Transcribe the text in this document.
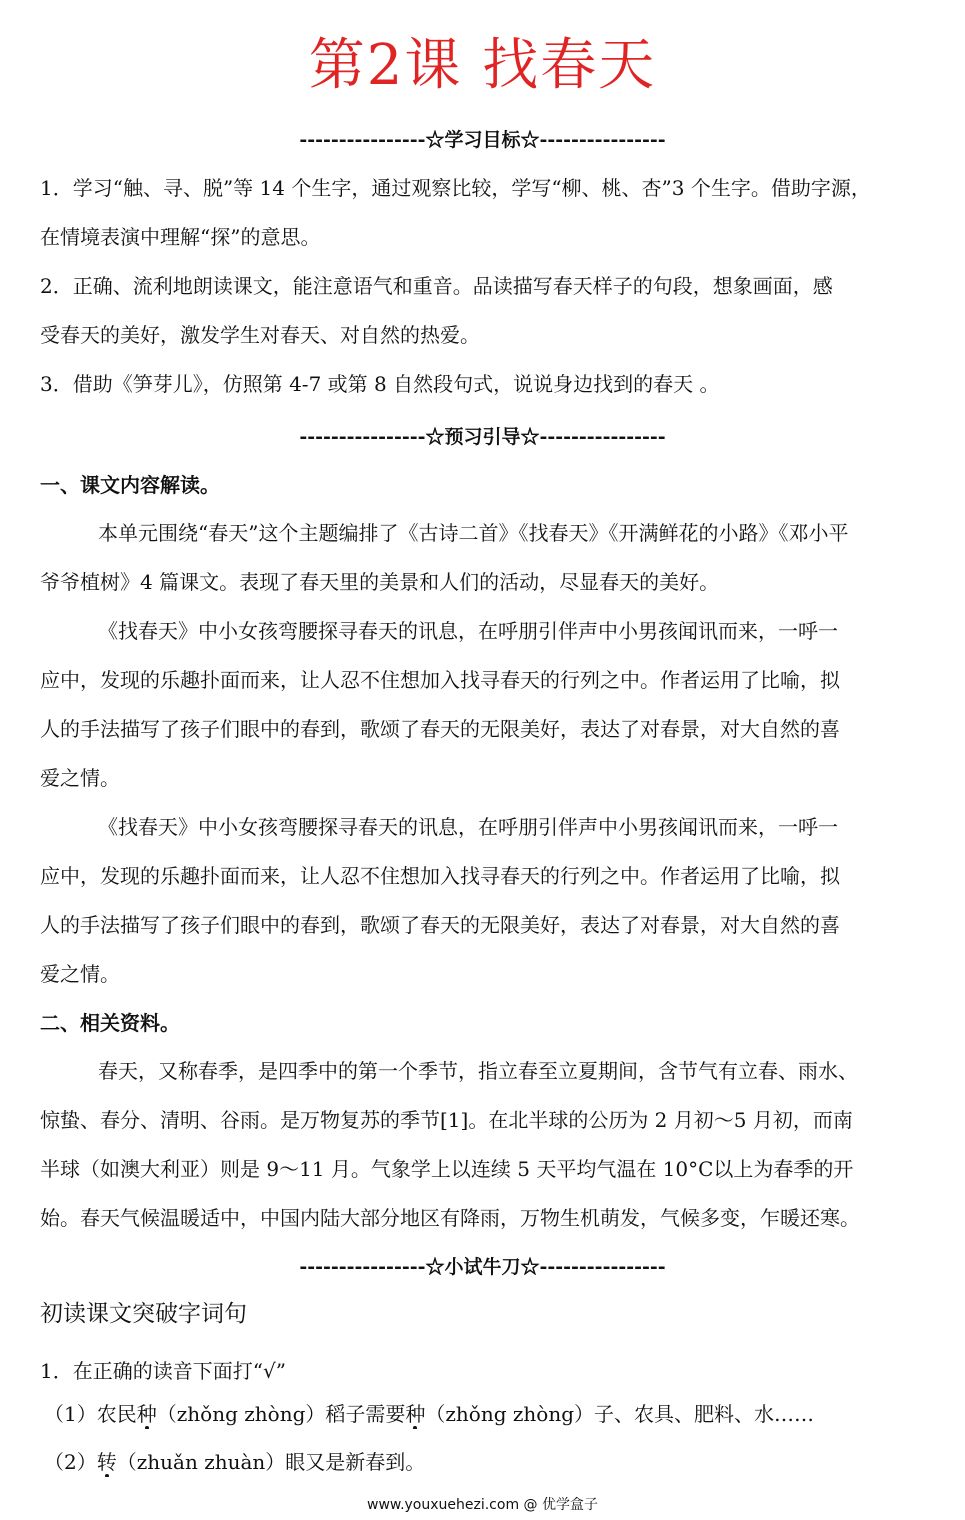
第2课 找春天
----------------☆学习目标☆----------------
1．学习“触、寻、脱”等 14 个生字，通过观察比较，学写“柳、桃、杏”3 个生字。借助字源，
在情境表演中理解“探”的意思。
2．正确、流利地朗读课文，能注意语气和重音。品读描写春天样子的句段，想象画面，感
受春天的美好，激发学生对春天、对自然的热爱。
3．借助《笋芽儿》，仿照第 4-7 或第 8 自然段句式，说说身边找到的春天 。
----------------☆预习引导☆----------------
一、课文内容解读。
本单元围绕“春天”这个主题编排了《古诗二首》《找春天》《开满鲜花的小路》《邓小平
爷爷植树》4 篇课文。表现了春天里的美景和人们的活动，尽显春天的美好。
《找春天》中小女孩弯腰探寻春天的讯息，在呼朋引伴声中小男孩闻讯而来，一呼一
应中，发现的乐趣扑面而来，让人忍不住想加入找寻春天的行列之中。作者运用了比喻，拟
人的手法描写了孩子们眼中的春到，歌颂了春天的无限美好，表达了对春景，对大自然的喜
爱之情。
《找春天》中小女孩弯腰探寻春天的讯息，在呼朋引伴声中小男孩闻讯而来，一呼一
应中，发现的乐趣扑面而来，让人忍不住想加入找寻春天的行列之中。作者运用了比喻，拟
人的手法描写了孩子们眼中的春到，歌颂了春天的无限美好，表达了对春景，对大自然的喜
爱之情。
二、相关资料。
春天，又称春季，是四季中的第一个季节，指立春至立夏期间，含节气有立春、雨水、
惊蛰、春分、清明、谷雨。是万物复苏的季节[1]。在北半球的公历为 2 月初～5 月初，而南
半球（如澳大利亚）则是 9～11 月。气象学上以连续 5 天平均气温在 10°C以上为春季的开
始。春天气候温暖适中，中国内陆大部分地区有降雨，万物生机萌发，气候多变，乍暖还寒。
----------------☆小试牛刀☆----------------
初读课文突破字词句
1．在正确的读音下面打“√”
（1）农民种（zhǒng zhòng）稻子需要种（zhǒng zhòng）子、农具、肥料、水……
（2）转（zhuǎn zhuàn）眼又是新春到。
www.youxuehezi.com @ 优学盒子
